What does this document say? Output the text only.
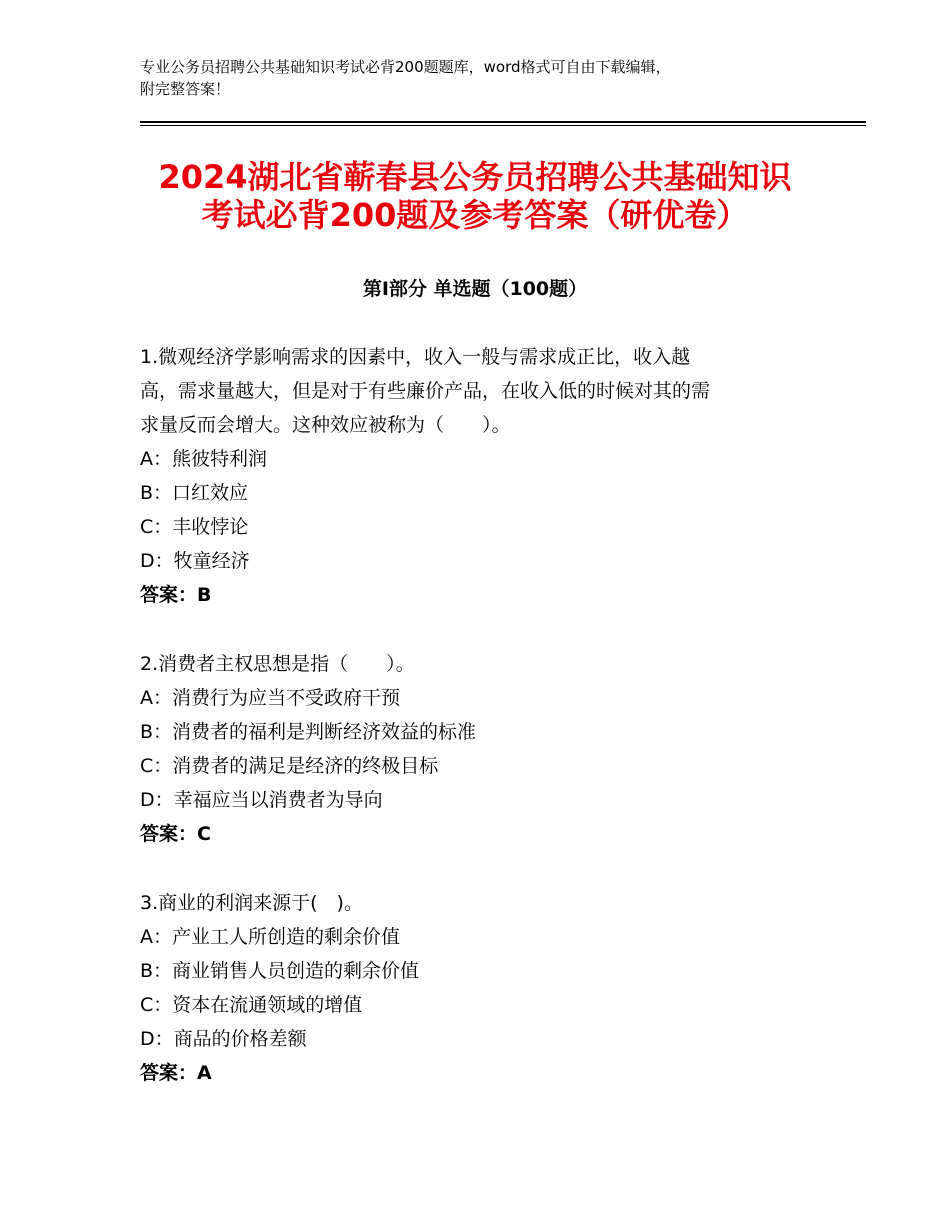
专业公务员招聘公共基础知识考试必背200题题库，word格式可自由下载编辑，
附完整答案！
2024湖北省蕲春县公务员招聘公共基础知识
考试必背200题及参考答案（研优卷）
第Ⅰ部分 单选题（100题）
1.微观经济学影响需求的因素中，收入一般与需求成正比，收入越
高，需求量越大，但是对于有些廉价产品，在收入低的时候对其的需
求量反而会增大。这种效应被称为（　　）。
A：熊彼特利润
B：口红效应
C：丰收悖论
D：牧童经济
答案：B
2.消费者主权思想是指（　　）。
A：消费行为应当不受政府干预
B：消费者的福利是判断经济效益的标准
C：消费者的满足是经济的终极目标
D：幸福应当以消费者为导向
答案：C
3.商业的利润来源于(　)。
A：产业工人所创造的剩余价值
B：商业销售人员创造的剩余价值
C：资本在流通领域的增值
D：商品的价格差额
答案：A
